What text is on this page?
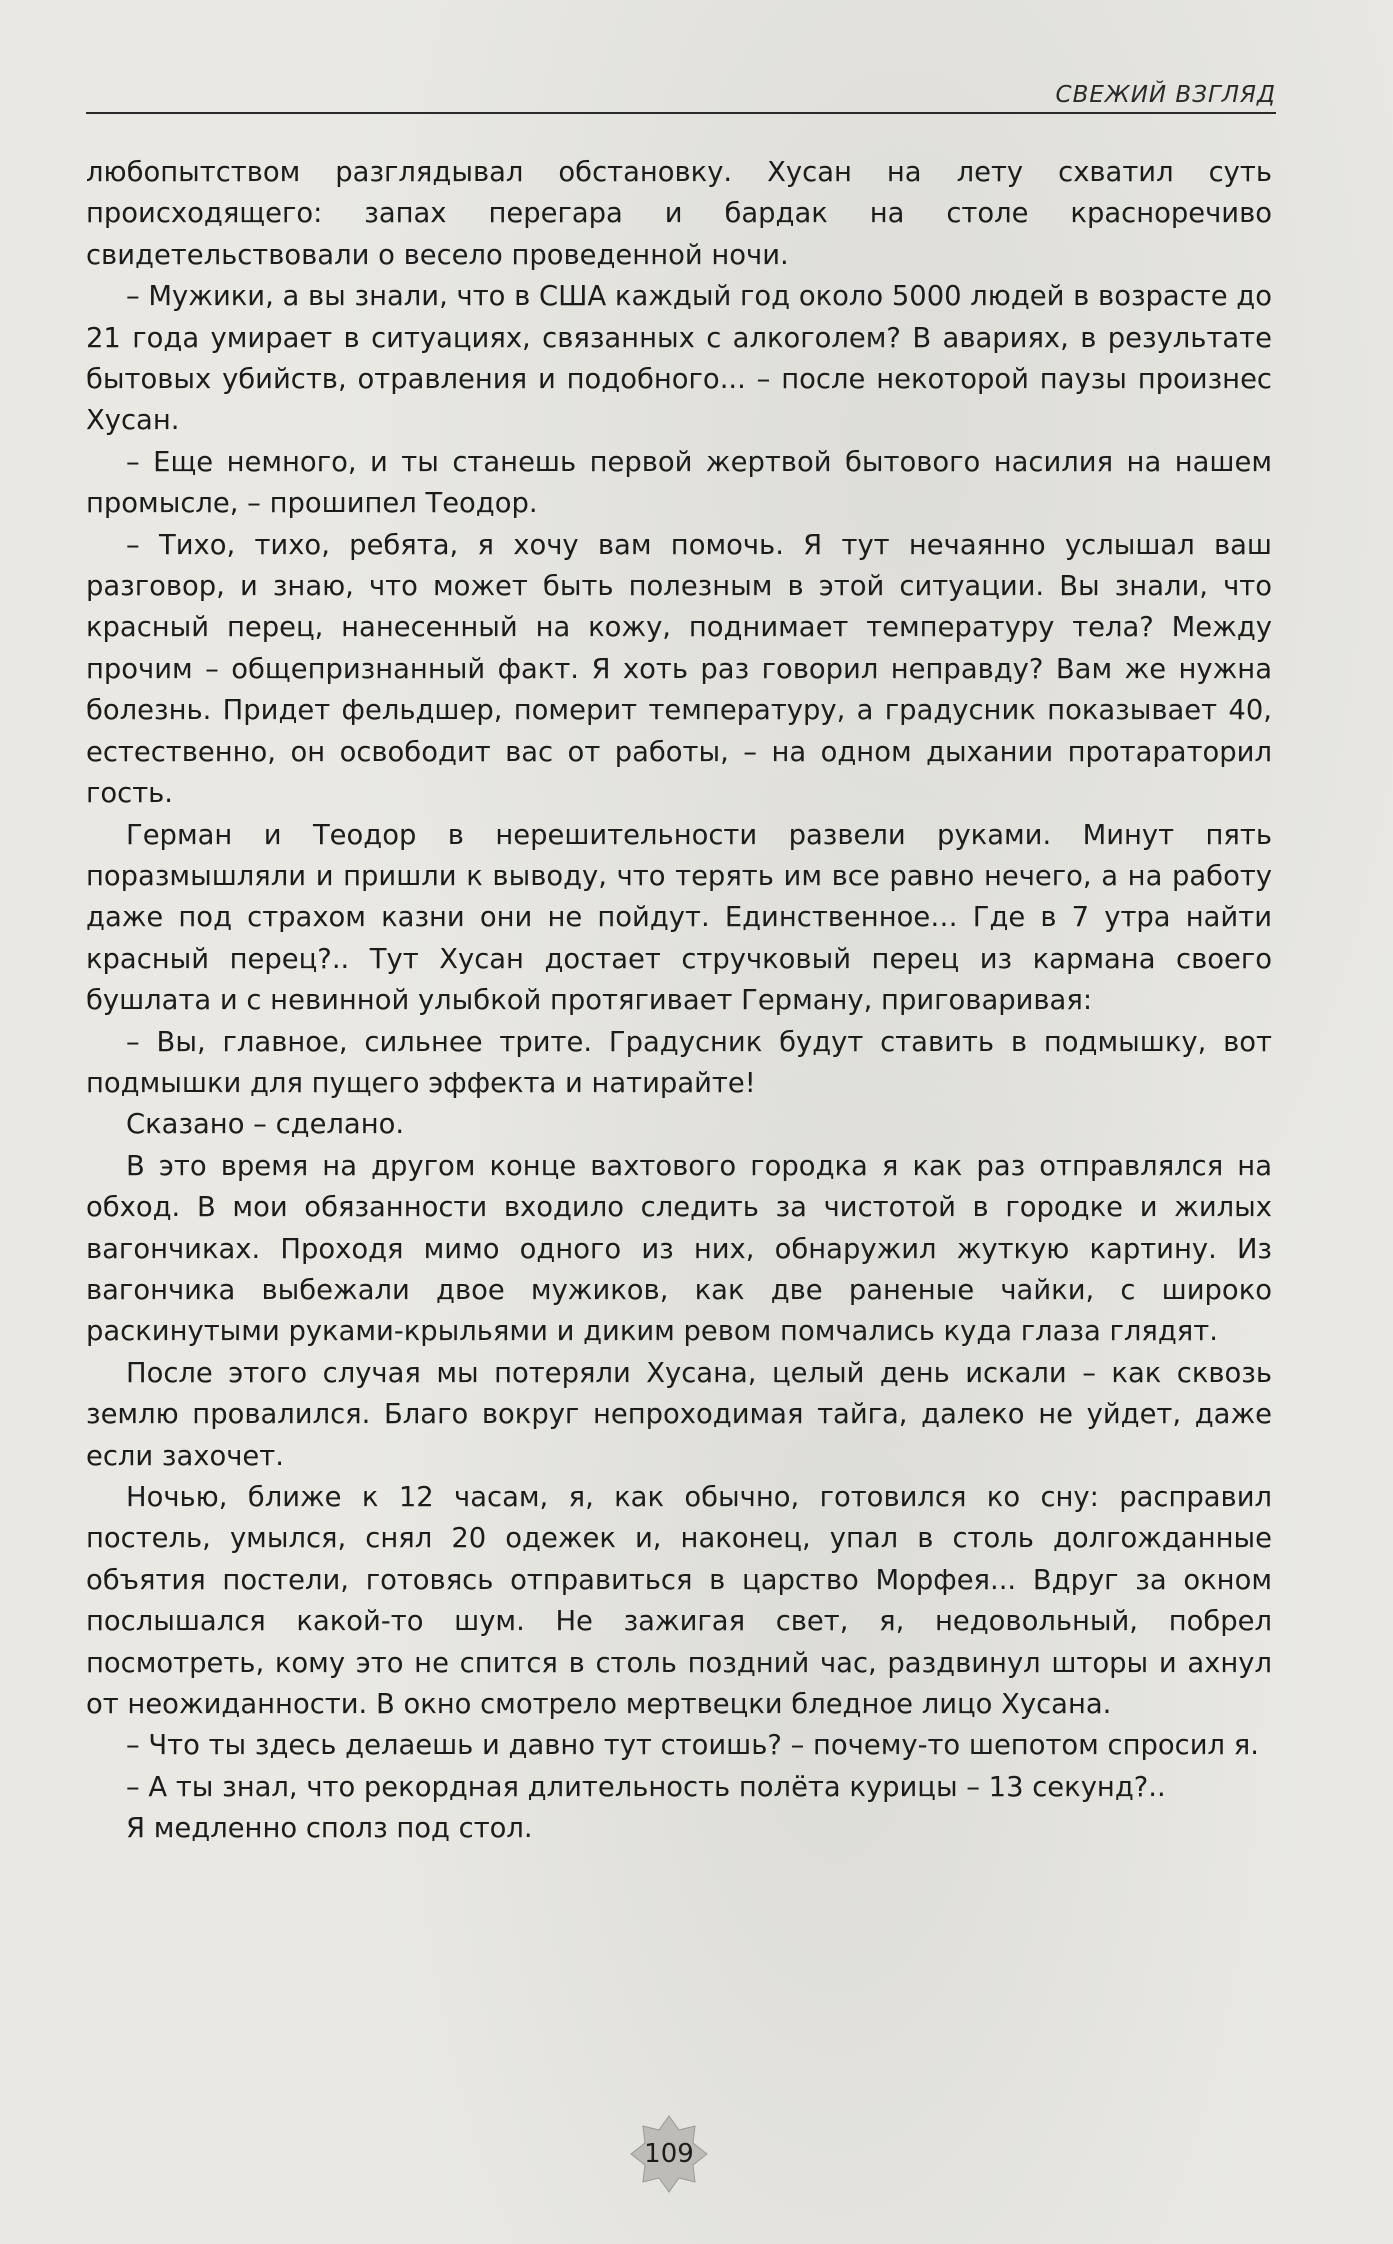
СВЕЖИЙ ВЗГЛЯД

любопытством разглядывал обстановку. Хусан на лету схватил суть происходящего: запах перегара и бардак на столе красноречиво свидетельствовали о весело проведенной ночи.

– Мужики, а вы знали, что в США каждый год около 5000 людей в возрасте до 21 года умирает в ситуациях, связанных с алкоголем? В авариях, в результате бытовых убийств, отравления и подобного... – после некоторой паузы произнес Хусан.

– Еще немного, и ты станешь первой жертвой бытового насилия на нашем промысле, – прошипел Теодор.

– Тихо, тихо, ребята, я хочу вам помочь. Я тут нечаянно услышал ваш разговор, и знаю, что может быть полезным в этой ситуации. Вы знали, что красный перец, нанесенный на кожу, поднимает температуру тела? Между прочим – общепризнанный факт. Я хоть раз говорил неправду? Вам же нужна болезнь. Придет фельдшер, померит температуру, а градусник показывает 40, естественно, он освободит вас от работы, – на одном дыхании протараторил гость.

Герман и Теодор в нерешительности развели руками. Минут пять поразмышляли и пришли к выводу, что терять им все равно нечего, а на работу даже под страхом казни они не пойдут. Единственное… Где в 7 утра найти красный перец?.. Тут Хусан достает стручковый перец из кармана своего бушлата и с невинной улыбкой протягивает Герману, приговаривая:

– Вы, главное, сильнее трите. Градусник будут ставить в подмышку, вот подмышки для пущего эффекта и натирайте!

Сказано – сделано.

В это время на другом конце вахтового городка я как раз отправлялся на обход. В мои обязанности входило следить за чистотой в городке и жилых вагончиках. Проходя мимо одного из них, обнаружил жуткую картину. Из вагончика выбежали двое мужиков, как две раненые чайки, с широко раскинутыми руками-крыльями и диким ревом помчались куда глаза глядят.

После этого случая мы потеряли Хусана, целый день искали – как сквозь землю провалился. Благо вокруг непроходимая тайга, далеко не уйдет, даже если захочет.

Ночью, ближе к 12 часам, я, как обычно, готовился ко сну: расправил постель, умылся, снял 20 одежек и, наконец, упал в столь долгожданные объятия постели, готовясь отправиться в царство Морфея... Вдруг за окном послышался какой-то шум. Не зажигая свет, я, недовольный, побрел посмотреть, кому это не спится в столь поздний час, раздвинул шторы и ахнул от неожиданности. В окно смотрело мертвецки бледное лицо Хусана.

– Что ты здесь делаешь и давно тут стоишь? – почему-то шепотом спросил я.

– А ты знал, что рекордная длительность полёта курицы – 13 секунд?..

Я медленно сполз под стол.

109
